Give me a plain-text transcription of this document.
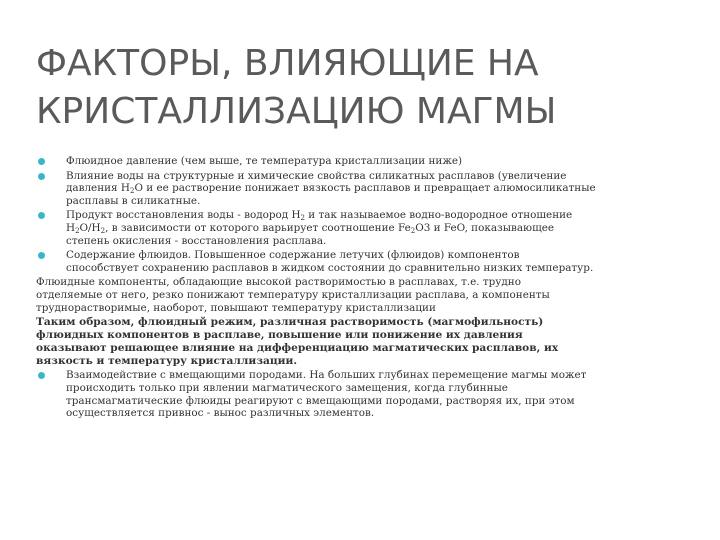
ФАКТОРЫ, ВЛИЯЮЩИЕ НА
КРИСТАЛЛИЗАЦИЮ МАГМЫ
Флюидное давление (чем выше, те температура кристаллизации ниже)
Влияние воды на структурные и химические свойства силикатных расплавов (увеличение
давления $H_2O$ и ее растворение понижает вязкость расплавов и превращает алюмосиликатные
расплавы в силикатные.
Продукт восстановления воды - водород $H_2$ и так называемое водно-водородное отношение
$H_2O/H_2$, в зависимости от которого варьирует соотношение $Fe_2O3$ и FeO, показывающее
степень окисления - восстановления расплава.
Содержание флюидов. Повышенное содержание летучих (флюидов) компонентов
способствует сохранению расплавов в жидком состоянии до сравнительно низких температур.
Флюидные компоненты, обладающие высокой растворимостью в расплавах, т.е. трудно
отделяемые от него, резко понижают температуру кристаллизации расплава, а компоненты
труднорастворимые, наоборот, повышают температуру кристаллизации
Таким образом, флюидный режим, различная растворимость (магмофильность)
флюидных компонентов в расплаве, повышение или понижение их давления
оказывают решающее влияние на дифференциацию магматических расплавов, их
вязкость и температуру кристаллизации.
Взаимодействие с вмещающими породами. На больших глубинах перемещение магмы может
происходить только при явлении магматического замещения, когда глубинные
трансмагматические флюиды реагируют с вмещающими породами, растворяя их, при этом
осуществляется привнос - вынос различных элементов.
